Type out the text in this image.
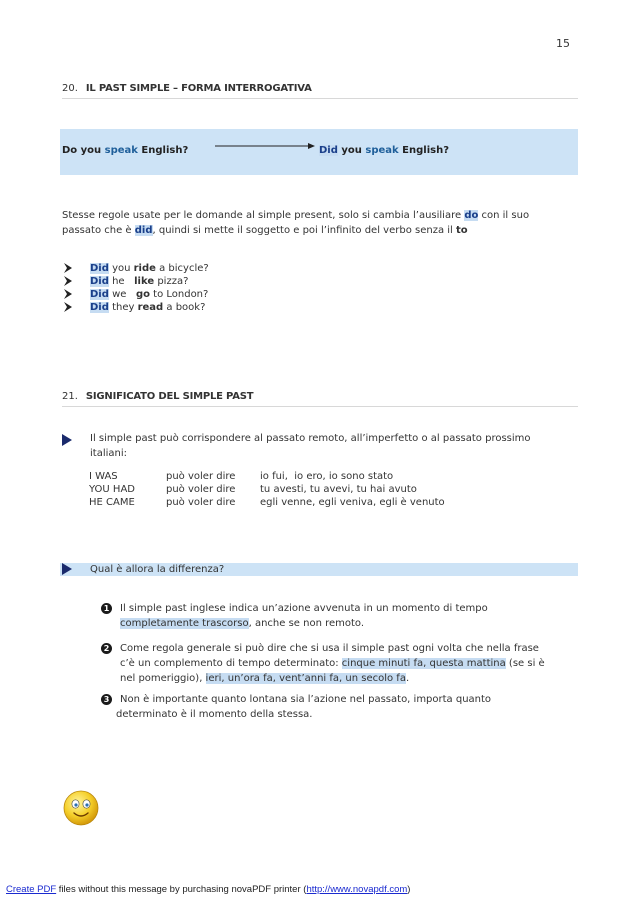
15
20. IL PAST SIMPLE – FORMA INTERROGATIVA
Do you speak English?	Did you speak English?
Stesse regole usate per le domande al simple present, solo si cambia l’ausiliare do con il suo
passato che è did, quindi si mette il soggetto e poi l’infinito del verbo senza il to
Did you ride a bicycle?
Did he   like pizza?
Did we   go to London?
Did they read a book?
21. SIGNIFICATO DEL SIMPLE PAST
Il simple past può corrispondere al passato remoto, all’imperfetto o al passato prossimo
italiani:
I WAS	può voler dire	io fui,  io ero, io sono stato
YOU HAD	può voler dire	tu avesti, tu avevi, tu hai avuto
HE CAME	può voler dire	egli venne, egli veniva, egli è venuto
Qual è allora la differenza?
1 Il simple past inglese indica un’azione avvenuta in un momento di tempo
completamente trascorso, anche se non remoto.
2 Come regola generale si può dire che si usa il simple past ogni volta che nella frase
c’è un complemento di tempo determinato: cinque minuti fa, questa mattina (se si è
nel pomeriggio), ieri, un’ora fa, vent’anni fa, un secolo fa.
3 Non è importante quanto lontana sia l’azione nel passato, importa quanto
determinato è il momento della stessa.
Create PDF files without this message by purchasing novaPDF printer (http://www.novapdf.com)
